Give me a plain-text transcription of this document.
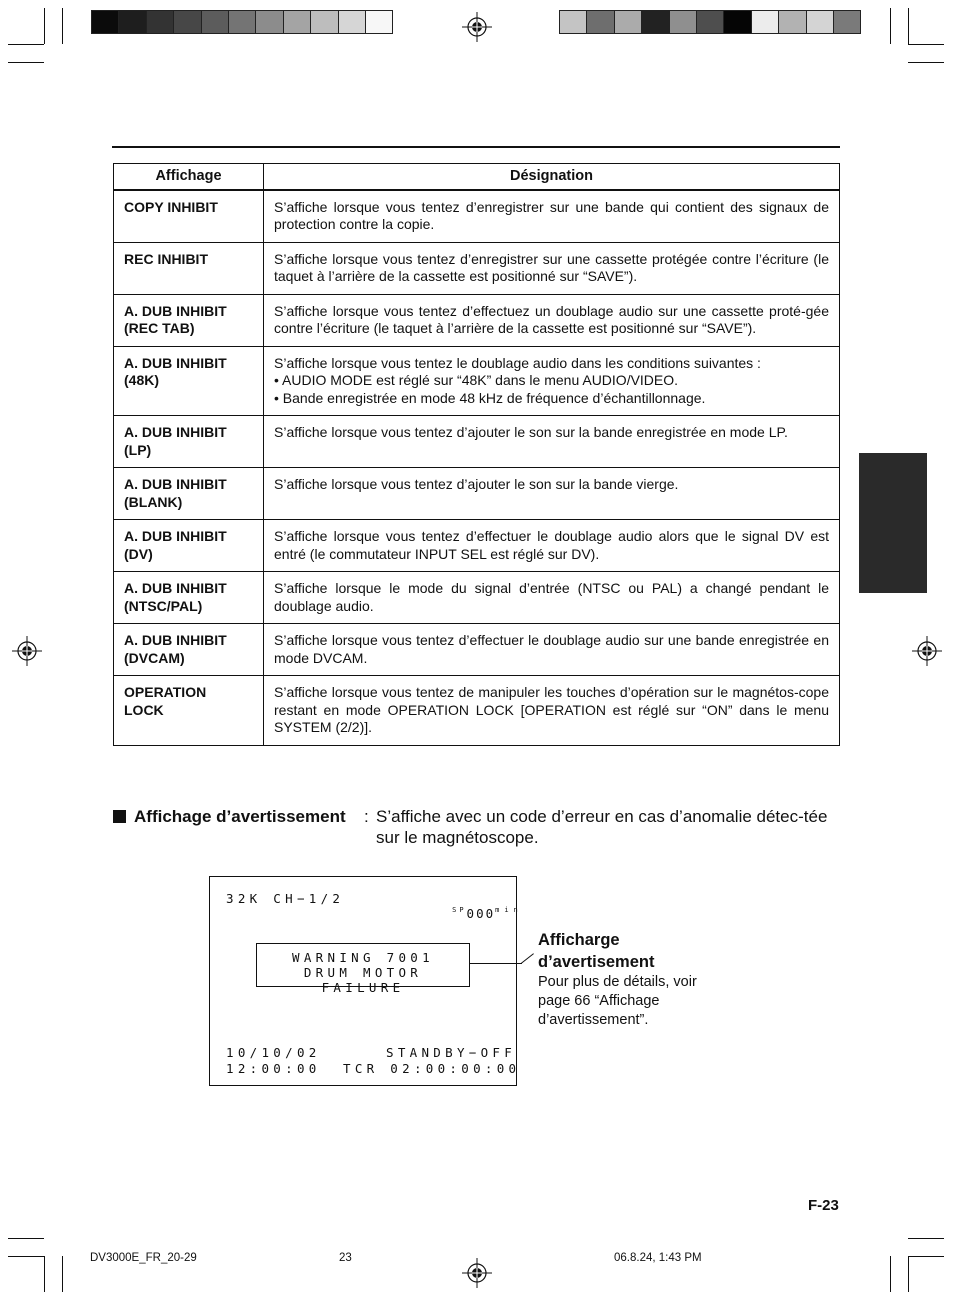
Affichage	Désignation

COPY INHIBIT	S’affiche lorsque vous tentez d’enregistrer sur une bande qui contient des signaux de protection contre la copie.

REC INHIBIT	S’affiche lorsque vous tentez d’enregistrer sur une cassette protégée contre l’écriture (le taquet à l’arrière de la cassette est positionné sur “SAVE”).

A. DUB INHIBIT
(REC TAB)	S’affiche lorsque vous tentez d’effectuez un doublage audio sur une cassette proté-gée contre l’écriture (le taquet à l’arrière de la cassette est positionné sur “SAVE”).

A. DUB INHIBIT
(48K)	S’affiche lorsque vous tentez le doublage audio dans les conditions suivantes :
• AUDIO MODE est réglé sur “48K” dans le menu AUDIO/VIDEO.
• Bande enregistrée en mode 48 kHz de fréquence d’échantillonnage.

A. DUB INHIBIT
(LP)	S’affiche lorsque vous tentez d’ajouter le son sur la bande enregistrée en mode LP.

A. DUB INHIBIT
(BLANK)	S’affiche lorsque vous tentez d’ajouter le son sur la bande vierge.

A. DUB INHIBIT
(DV)	S’affiche lorsque vous tentez d’effectuer le doublage audio alors que le signal DV est entré (le commutateur INPUT SEL est réglé sur DV).

A. DUB INHIBIT
(NTSC/PAL)	S’affiche lorsque le mode du signal d’entrée (NTSC ou PAL) a changé pendant le doublage audio.

A. DUB INHIBIT
(DVCAM)	S’affiche lorsque vous tentez d’effectuer le doublage audio sur une bande enregistrée en mode DVCAM.

OPERATION
LOCK	S’affiche lorsque vous tentez de manipuler les touches d’opération sur le magnétos-cope restant en mode OPERATION LOCK [OPERATION est réglé sur “ON” dans le menu SYSTEM (2/2)].
Affichage d’avertissement : S’affiche avec un code d’erreur en cas d’anomalie détec-tée sur le magnétoscope.
32K CH−1/2

$^{SP}000^{min}$

WARNING 7001
DRUM MOTOR FAILURE
10/10/02	STANDBY−OFF
12:00:00 TCR 02:00:00:00
Afficharge
d’avertisement
Pour plus de détails, voir page 66 “Affichage d’avertissement”.
F-23
DV3000E_FR_20-29	23	06.8.24, 1:43 PM
